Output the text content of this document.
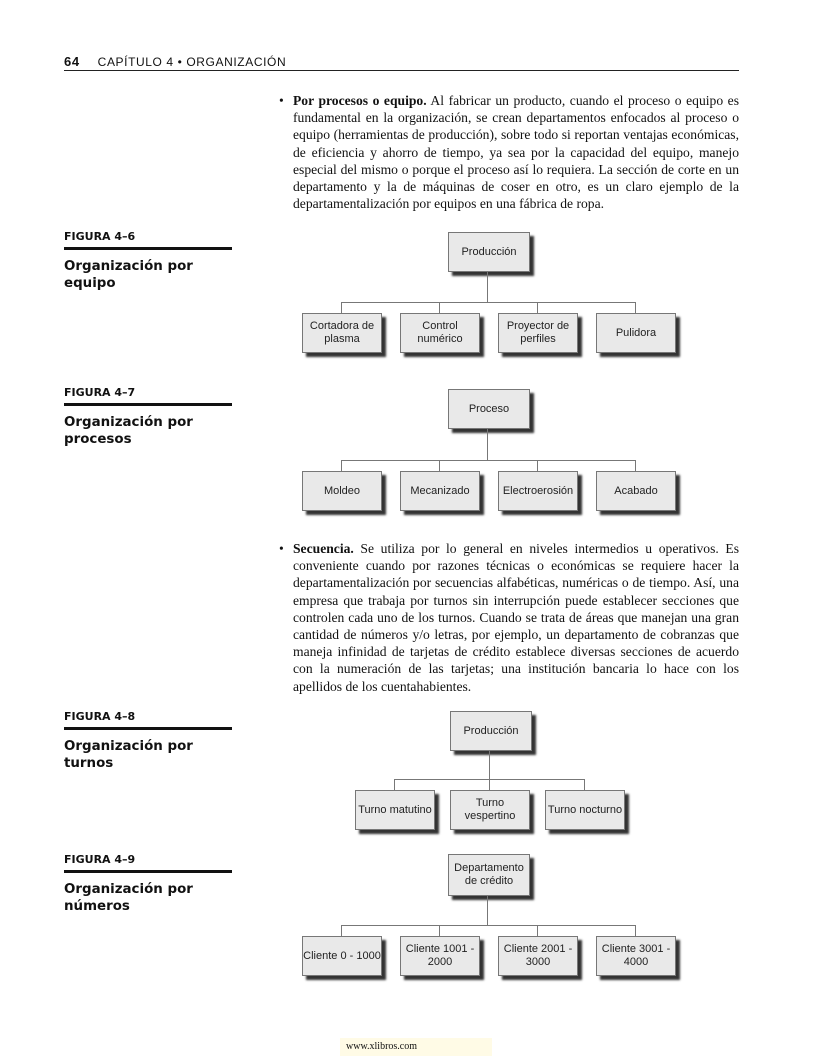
64 CAPÍTULO 4 • ORGANIZACIÓN
• Por procesos o equipo. Al fabricar un producto, cuando el proceso o equipo es fundamental en la organización, se crean departamentos enfocados al proceso o equipo (herramientas de producción), sobre todo si reportan ventajas económicas, de eficiencia y ahorro de tiempo, ya sea por la capacidad del equipo, manejo especial del mismo o porque el proceso así lo requiera. La sección de corte en un departamento y la de máquinas de coser en otro, es un claro ejemplo de la departamentalización por equipos en una fábrica de ropa.
FIGURA 4–6
Organización por equipo
Producción
Cortadora de plasma
Control numérico
Proyector de perfiles
Pulidora
FIGURA 4–7
Organización por procesos
Proceso
Moldeo	Mecanizado	Electroerosión	Acabado
• Secuencia. Se utiliza por lo general en niveles intermedios u operativos. Es conveniente cuando por razones técnicas o económicas se requiere hacer la departamentalización por secuencias alfabéticas, numéricas o de tiempo. Así, una empresa que trabaja por turnos sin interrupción puede establecer secciones que controlen cada uno de los turnos. Cuando se trata de áreas que manejan una gran cantidad de números y/o letras, por ejemplo, un departamento de cobranzas que maneja infinidad de tarjetas de crédito establece diversas secciones de acuerdo con la numeración de las tarjetas; una institución bancaria lo hace con los apellidos de los cuentahabientes.
FIGURA 4–8
Organización por turnos
Producción
Turno matutino
Turno vespertino
Turno nocturno
FIGURA 4–9
Organización por números
Departamento de crédito
Cliente 0 - 1000
Cliente 1001 - 2000
Cliente 2001 - 3000
Cliente 3001 - 4000
www.xlibros.com
